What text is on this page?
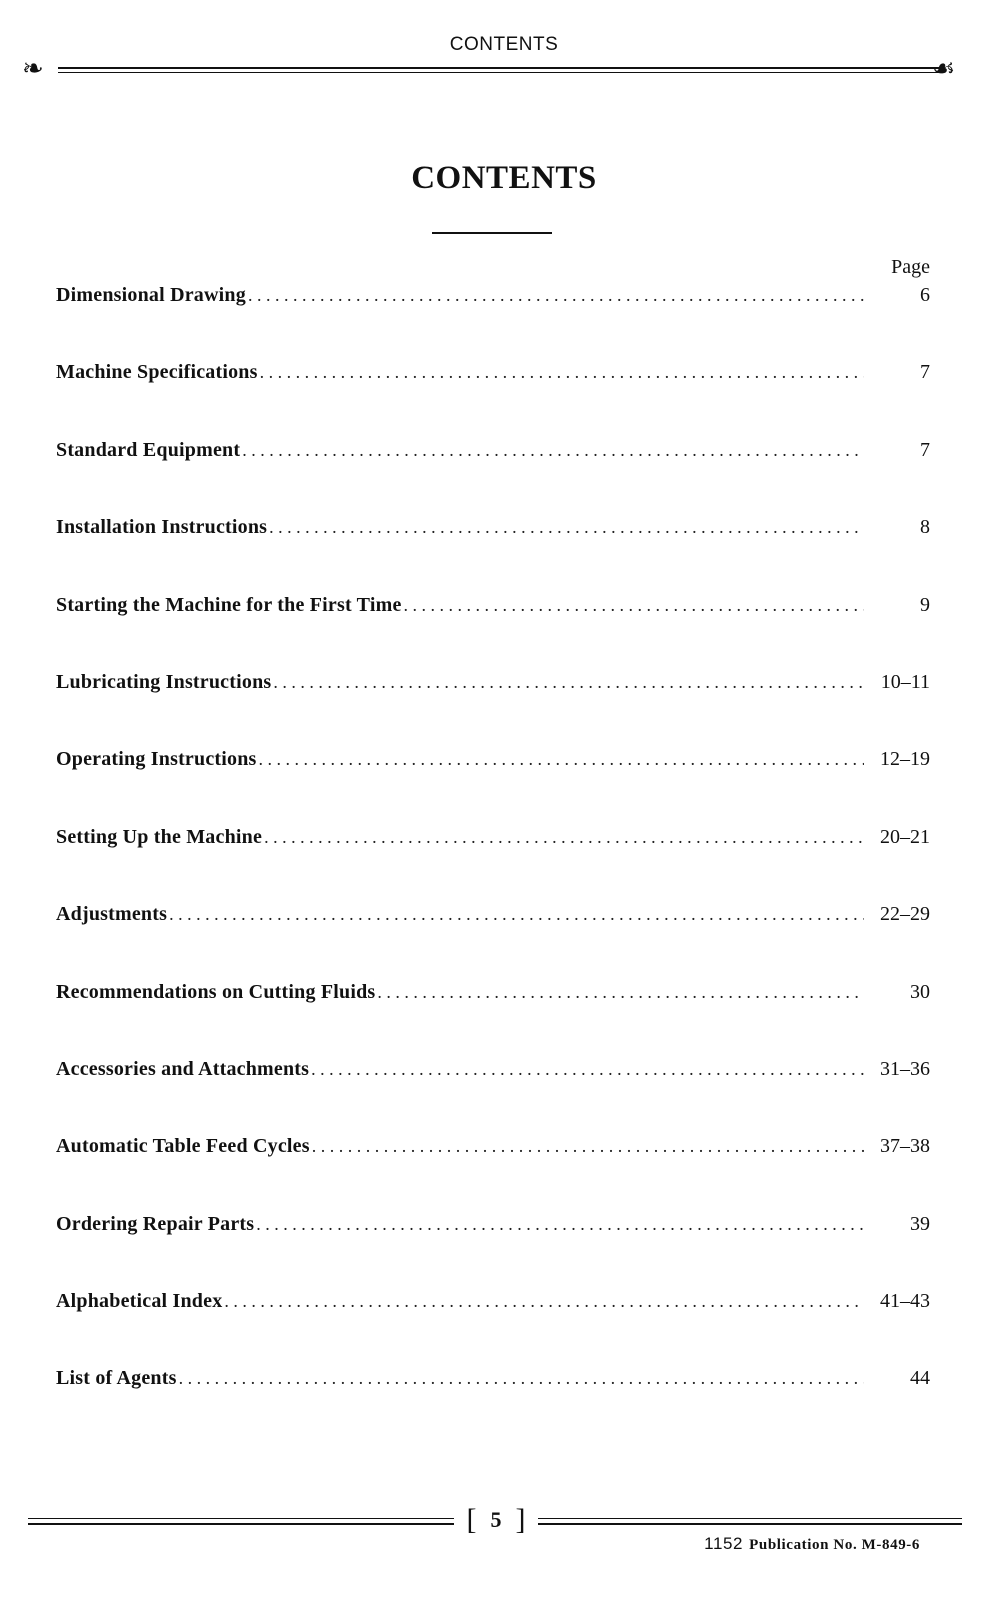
CONTENTS
❧	☙
CONTENTS
Page
Dimensional Drawing . . .	6
Machine Specifications . . .	7
Standard Equipment . . .	7
Installation Instructions . . .	8
Starting the Machine for the First Time . . .	9
Lubricating Instructions . . .	10–11
Operating Instructions . . .	12–19
Setting Up the Machine . . .	20–21
Adjustments . . .	22–29
Recommendations on Cutting Fluids . . .	30
Accessories and Attachments . . .	31–36
Automatic Table Feed Cycles . . .	37–38
Ordering Repair Parts . . .	39
Alphabetical Index . . .	41–43
List of Agents . . .	44
[ 5 ]
1152 Publication No. M-849-6
